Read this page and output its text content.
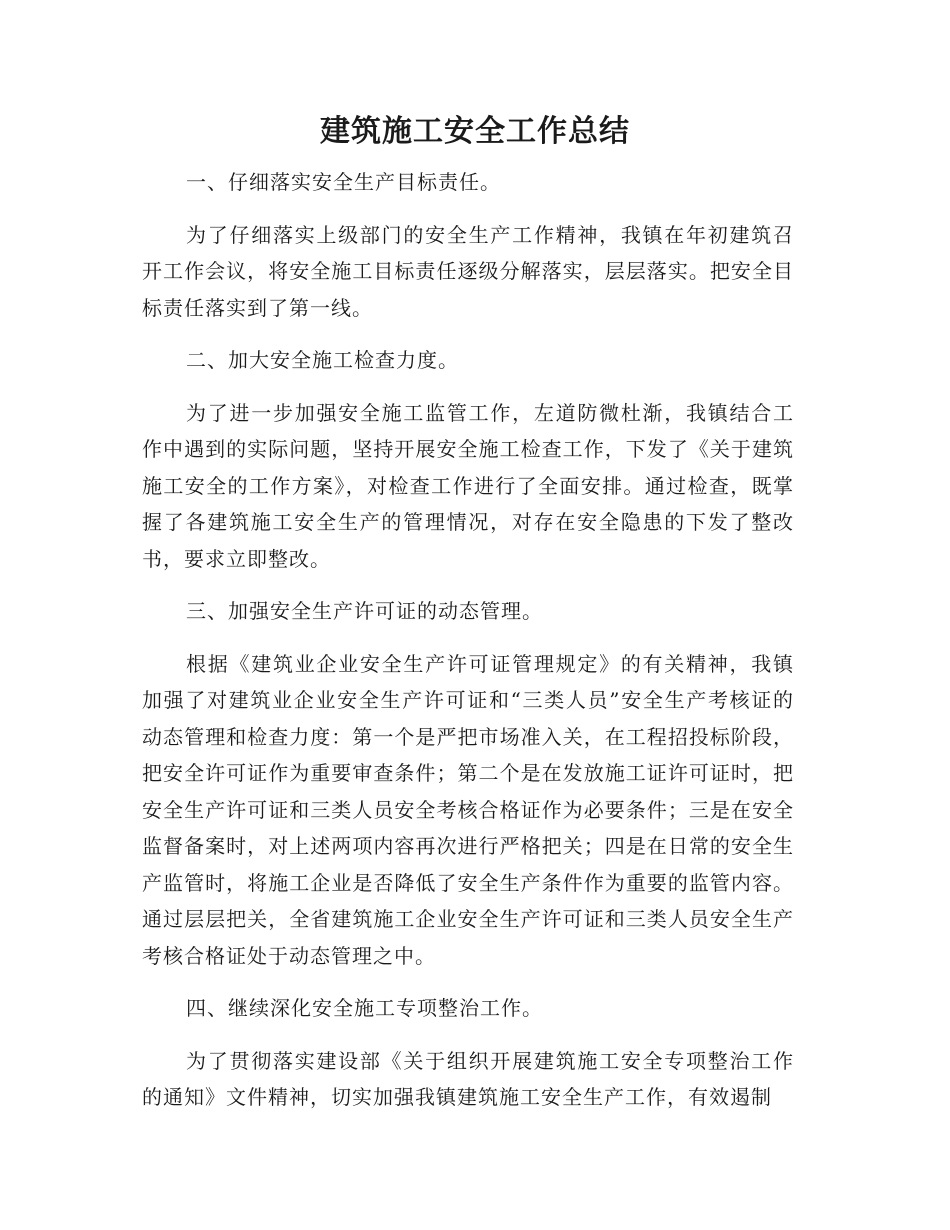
建筑施工安全工作总结

一、仔细落实安全生产目标责任。

为了仔细落实上级部门的安全生产工作精神，我镇在年初建筑召开工作会议，将安全施工目标责任逐级分解落实，层层落实。把安全目标责任落实到了第一线。

二、加大安全施工检查力度。

为了进一步加强安全施工监管工作，左道防微杜渐，我镇结合工作中遇到的实际问题，坚持开展安全施工检查工作，下发了《关于建筑施工安全的工作方案》，对检查工作进行了全面安排。通过检查，既掌握了各建筑施工安全生产的管理情况，对存在安全隐患的下发了整改书，要求立即整改。

三、加强安全生产许可证的动态管理。

根据《建筑业企业安全生产许可证管理规定》的有关精神，我镇加强了对建筑业企业安全生产许可证和“三类人员”安全生产考核证的动态管理和检查力度：第一个是严把市场准入关，在工程招投标阶段，把安全许可证作为重要审查条件；第二个是在发放施工证许可证时，把安全生产许可证和三类人员安全考核合格证作为必要条件；三是在安全监督备案时，对上述两项内容再次进行严格把关；四是在日常的安全生产监管时，将施工企业是否降低了安全生产条件作为重要的监管内容。通过层层把关，全省建筑施工企业安全生产许可证和三类人员安全生产考核合格证处于动态管理之中。

四、继续深化安全施工专项整治工作。

为了贯彻落实建设部《关于组织开展建筑施工安全专项整治工作的通知》文件精神，切实加强我镇建筑施工安全生产工作，有效遏制
